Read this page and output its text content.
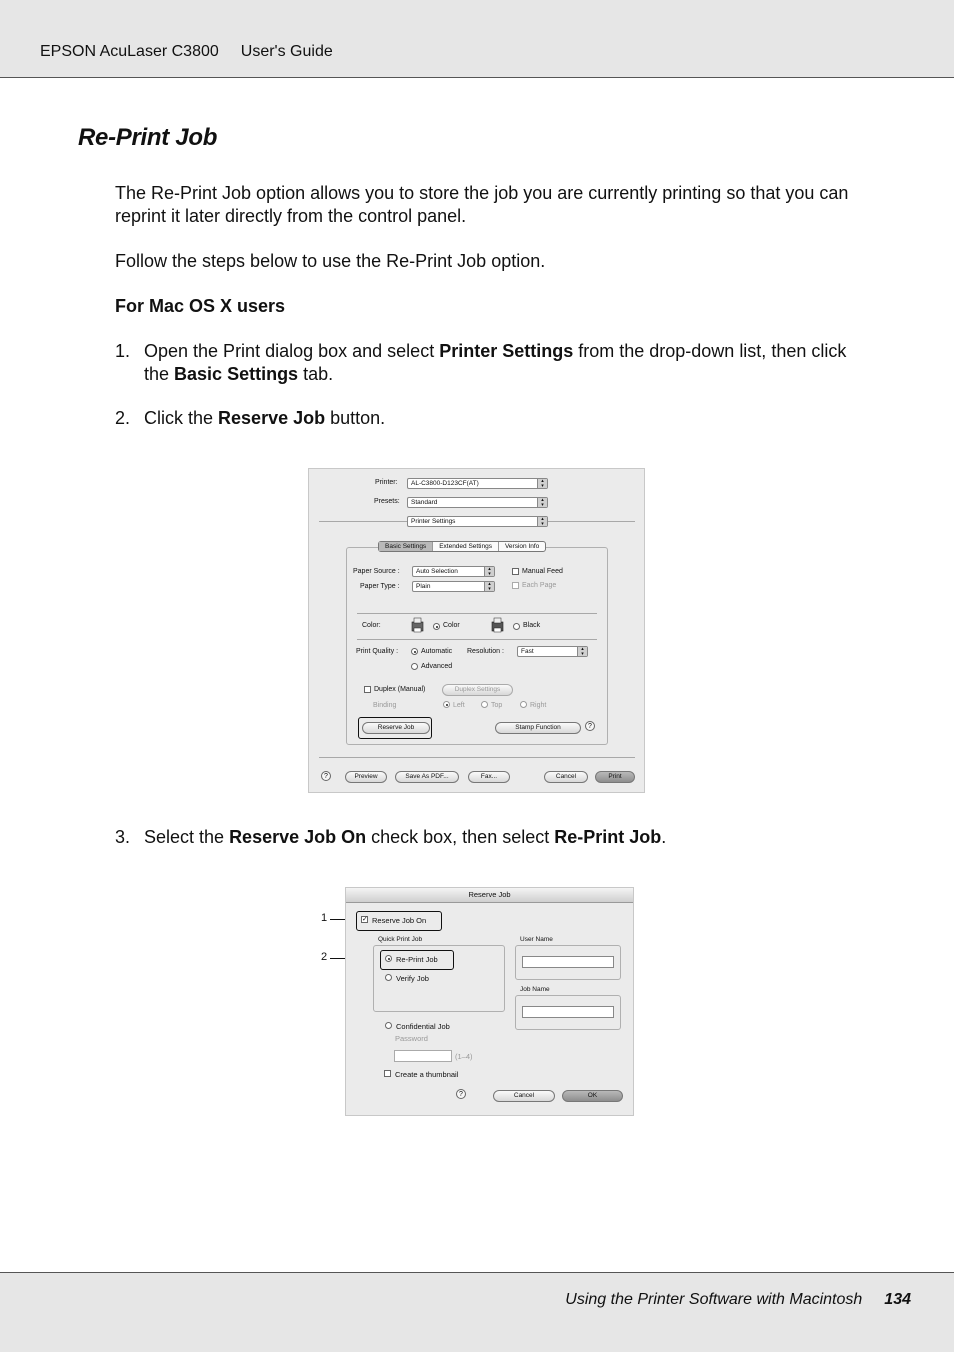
EPSON AcuLaser C3800 User's Guide
Re-Print Job

The Re-Print Job option allows you to store the job you are currently printing so that you can reprint it later directly from the control panel.

Follow the steps below to use the Re-Print Job option.

For Mac OS X users

1. Open the Print dialog box and select Printer Settings from the drop-down list, then click the Basic Settings tab.
2. Click the Reserve Job button.
Printer:	AL-C3800-D123CF(AT)	▴
▾
Presets:	Standard	▴
▾
Printer Settings	▴
▾
Basic Settings	Extended Settings	Version Info
Paper Source :	Auto Selection	▴
▾
Paper Type :	Plain	▴
▾
Manual Feed
Each Page
Color:	Color	Black
Print Quality :	Automatic
Advanced
Resolution :	Fast	▴
▾
Duplex (Manual)	Duplex Settings
Binding	Left	Top	Right
Reserve Job	Stamp Function	?
?	Preview	Save As PDF...	Fax...	Cancel	Print
3. Select the Reserve Job On check box, then select Re-Print Job.
1
2
Reserve Job
✓ Reserve Job On
Quick Print Job
Re-Print Job
Verify Job
User Name
Job Name
Confidential Job
Password
(1–4)
Create a thumbnail
?	Cancel	OK
Using the Printer Software with Macintosh 134
